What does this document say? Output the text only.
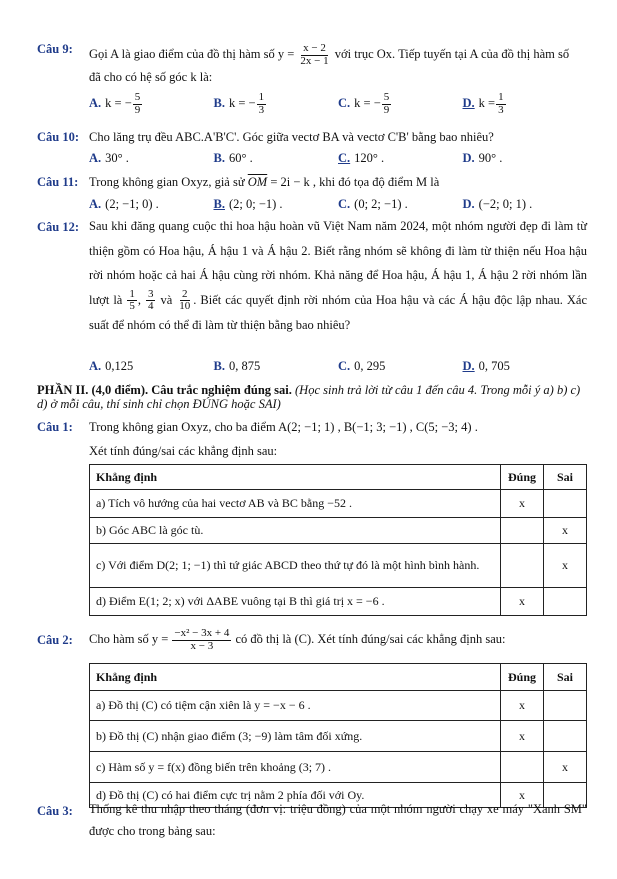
Câu 9: Gọi A là giao điểm của đồ thị hàm số $y = \frac{x - 2}{2x - 1}$ với trục Ox. Tiếp tuyến tại A của đồ thị hàm số
đã cho có hệ số góc k là:
A. k = − $\frac{5}{9}$	B. k = − $\frac{1}{3}$	C. k = − $\frac{5}{9}$	D. $k = \frac{1}{3}$
Câu 10: Cho lăng trụ đều ABC.A'B'C'. Góc giữa vectơ BA và vectơ C'B' bằng bao nhiêu?
A. 30° .	B. 60° .	C. 120° .	D. 90° .
Câu 11: Trong không gian Oxyz, giả sử $\overline{OM} = 2i - k$ , khi đó tọa độ điểm M là
A. (2; −1; 0) .	B. (2; 0; −1) .	C. (0; 2; −1) .	D. (−2; 0; 1) .
Câu 12: Sau khi đăng quang cuộc thi hoa hậu hoàn vũ Việt Nam năm 2024, một nhóm người đẹp đi làm từ thiện gồm có Hoa hậu, Á hậu 1 và Á hậu 2. Biết rằng nhóm sẽ không đi làm từ thiện nếu Hoa hậu rời nhóm hoặc cả hai Á hậu cùng rời nhóm. Khả năng để Hoa hậu, Á hậu 1, Á hậu 2 rời nhóm lần lượt là $\frac{1}{5}$ , $\frac{3}{4}$ và $\frac{2}{10}$ . Biết các quyết định rời nhóm của Hoa hậu và các Á hậu độc lập nhau. Xác suất để nhóm có thể đi làm từ thiện bằng bao nhiêu?
A. 0,125	B. 0, 875	C. 0, 295	D. 0, 705
PHẦN II. (4,0 điểm). Câu trắc nghiệm đúng sai. (Học sinh trả lời từ câu 1 đến câu 4. Trong mỗi ý a) b) c) d) ở mỗi câu, thí sinh chỉ chọn ĐÚNG hoặc SAI)
Câu 1: Trong không gian Oxyz, cho ba điểm A(2; −1; 1) , B(−1; 3; −1) , C(5; −3; 4) .
Xét tính đúng/sai các khẳng định sau:
Khẳng định	Đúng	Sai
a) Tích vô hướng của hai vectơ AB và BC bằng −52 .	x	
b) Góc ABC là góc tù.		x
c) Với điểm D(2; 1; −1) thì tứ giác ABCD theo thứ tự đó là một hình bình hành.		x
d) Điểm E(1; 2; x) với ΔABE vuông tại B thì giá trị x = −6 .	x	
Câu 2: Cho hàm số $y = \frac{\text{−x² − 3x + 4}}{x - 3}$ có đồ thị là (C). Xét tính đúng/sai các khẳng định sau:
Khẳng định	Đúng	Sai
a) Đồ thị (C) có tiệm cận xiên là y = −x − 6 .	x	
b) Đồ thị (C) nhận giao điểm (3; −9) làm tâm đối xứng.	x	
c) Hàm số y = f(x) đồng biến trên khoảng (3; 7) .		x
d) Đồ thị (C) có hai điểm cực trị nằm 2 phía đối với Oy.	x	
Câu 3: Thống kê thu nhập theo tháng (đơn vị: triệu đồng) của một nhóm người chạy xe máy "Xanh SM" được cho trong bảng sau:
